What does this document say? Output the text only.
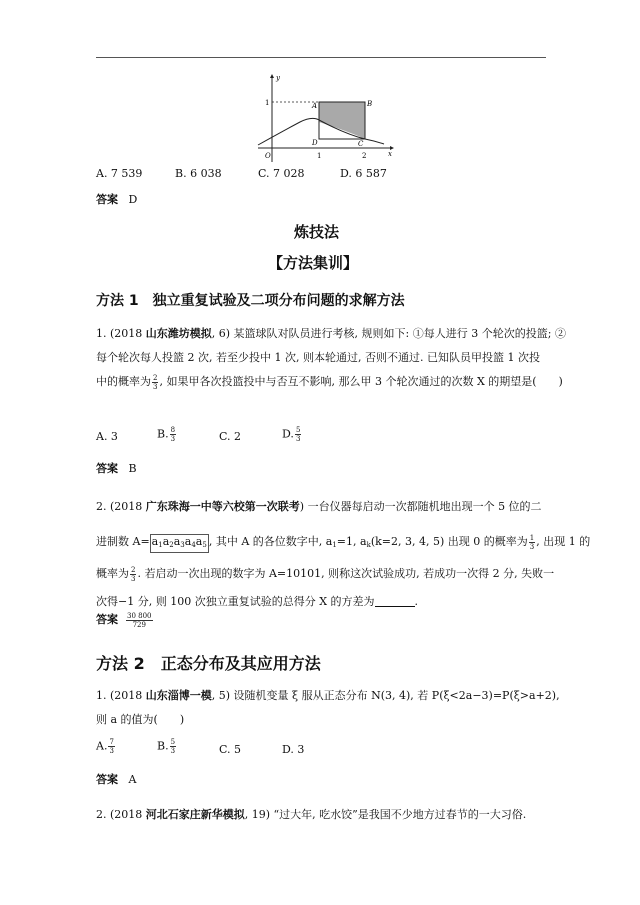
y
x
1
O
A	B
D	C
1	2
A. 7 539	B. 6 038	C. 7 028	D. 6 587
答案 D
炼技法
【方法集训】
方法 1　独立重复试验及二项分布问题的求解方法
1. (2018 山东潍坊模拟, 6) 某篮球队对队员进行考核, 规则如下: ①每人进行 3 个轮次的投篮; ②
每个轮次每人投篮 2 次, 若至少投中 1 次, 则本轮通过, 否则不通过. 已知队员甲投篮 1 次投
中的概率为 $\frac{2}{3}$ , 如果甲各次投篮投中与否互不影响, 那么甲 3 个轮次通过的次数 X 的期望是(　　)
A. 3	B. $\frac{8}{3}$	C. 2	D. $\frac{5}{3}$
答案 B
2. (2018 广东珠海一中等六校第一次联考) 一台仪器每启动一次都随机地出现一个 5 位的二
进制数 $A= a_1a_2a_3a_4a_5$ , 其中 A 的各位数字中, $a_1=1$, $a_k(k=2$, 3, 4, 5) 出现 0 的概率为 $\frac{1}{3}$ , 出现 1 的
概率为 $\frac{2}{3}$ . 若启动一次出现的数字为 A=10101, 则称这次试验成功, 若成功一次得 2 分, 失败一
次得−1 分, 则 100 次独立重复试验的总得分 X 的方差为	.
答案 $\frac{30 800}{729}$
方法 2　正态分布及其应用方法
1. (2018 山东淄博一模, 5) 设随机变量 ξ 服从正态分布 N(3, 4), 若 P(ξ<2a−3)=P(ξ>a+2),
则 a 的值为(　　)
A. $\frac{7}{3}$	B. $\frac{5}{3}$	C. 5	D. 3
答案 A
2. (2018 河北石家庄新华模拟, 19) “过大年, 吃水饺”是我国不少地方过春节的一大习俗.
